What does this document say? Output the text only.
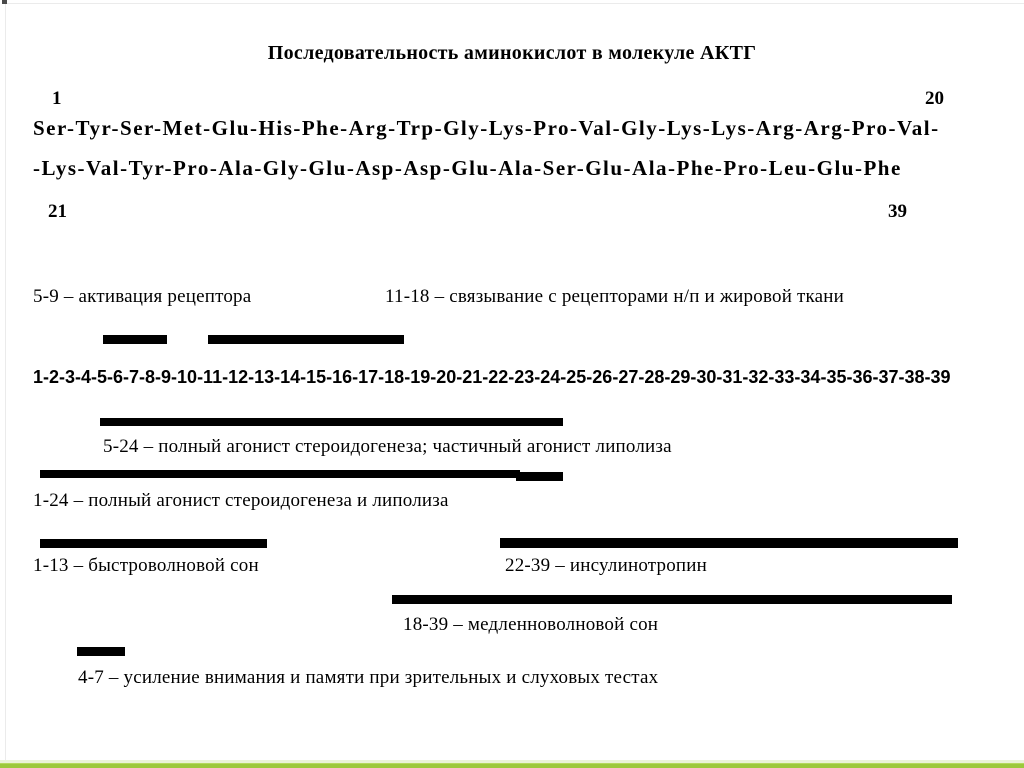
Последовательность аминокислот в молекуле АКТГ
1	20
Ser-Tyr-Ser-Met-Glu-His-Phe-Arg-Trp-Gly-Lys-Pro-Val-Gly-Lys-Lys-Arg-Arg-Pro-Val-
-Lys-Val-Tyr-Pro-Ala-Gly-Glu-Asp-Asp-Glu-Ala-Ser-Glu-Ala-Phe-Pro-Leu-Glu-Phe
21	39
5-9 – активация рецептора	11-18 – связывание с рецепторами н/п и жировой ткани
1-2-3-4-5-6-7-8-9-10-11-12-13-14-15-16-17-18-19-20-21-22-23-24-25-26-27-28-29-30-31-32-33-34-35-36-37-38-39
5-24 – полный агонист стероидогенеза; частичный агонист липолиза
1-24 – полный агонист стероидогенеза и липолиза
1-13 – быстроволновой сон	22-39 – инсулинотропин
18-39 – медленноволновой сон
4-7 – усиление внимания и памяти при зрительных и слуховых тестах
